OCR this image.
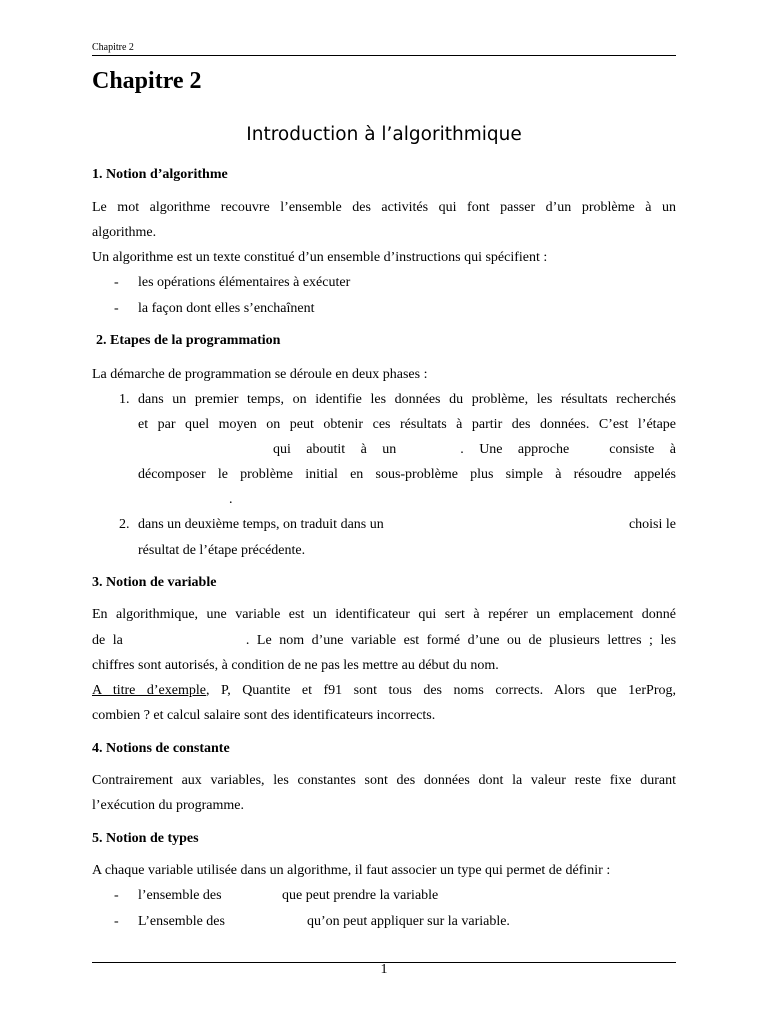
Chapitre 2
Chapitre 2
Introduction à l’algorithmique
1. Notion d’algorithme
Le mot algorithme recouvre l’ensemble des activités qui font passer d’un problème à un
algorithme.
Un algorithme est un texte constitué d’un ensemble d’instructions qui spécifient :
- les opérations élémentaires à exécuter
- la façon dont elles s’enchaînent
2. Etapes de la programmation
La démarche de programmation se déroule en deux phases :
1. dans un premier temps, on identifie les données du problème, les résultats recherchés
et par quel moyen on peut obtenir ces résultats à partir des données. C’est l’étape
qui aboutit à un	. Une approche	consiste à
décomposer le problème initial en sous-problème plus simple à résoudre appelés
.
2. dans un deuxième temps, on traduit dans un	choisi le
résultat de l’étape précédente.
3. Notion de variable
En algorithmique, une variable est un identificateur qui sert à repérer un emplacement donné
de la	. Le nom d’une variable est formé d’une ou de plusieurs lettres ; les
chiffres sont autorisés, à condition de ne pas les mettre au début du nom.
A titre d’exemple, P, Quantite et f91 sont tous des noms corrects. Alors que 1erProg,
combien ? et calcul salaire sont des identificateurs incorrects.
4. Notions de constante
Contrairement aux variables, les constantes sont des données dont la valeur reste fixe durant
l’exécution du programme.
5. Notion de types
A chaque variable utilisée dans un algorithme, il faut associer un type qui permet de définir :
- l’ensemble des	que peut prendre la variable
- L’ensemble des	qu’on peut appliquer sur la variable.
1
